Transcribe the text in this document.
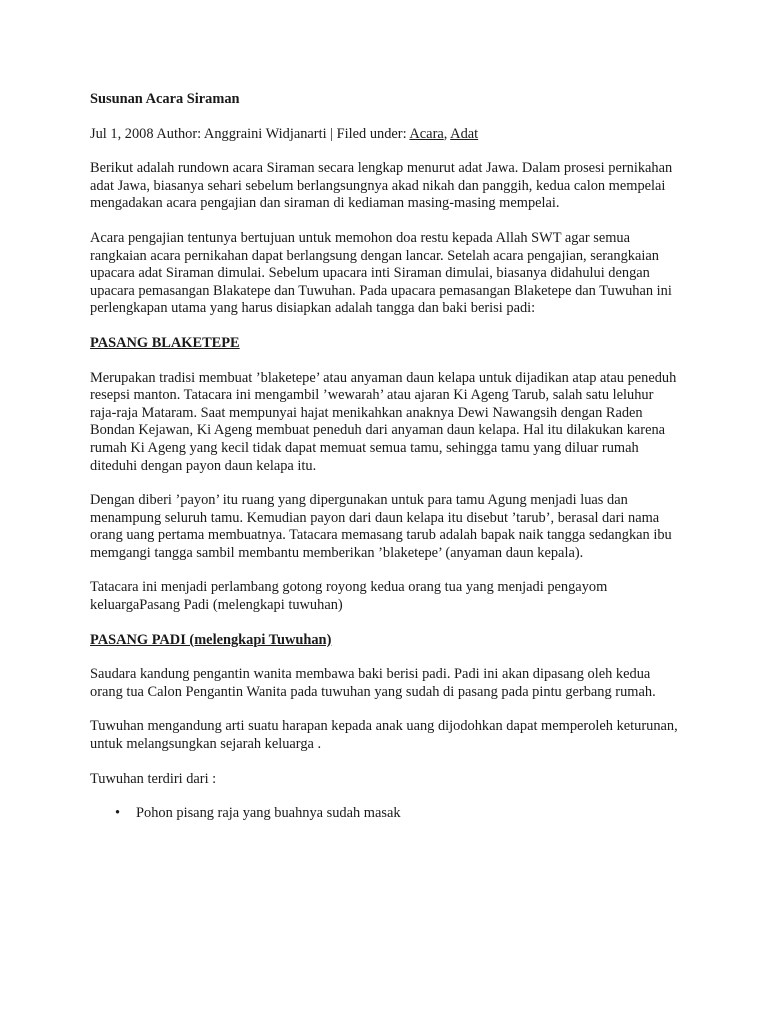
Susunan Acara Siraman
Jul 1, 2008 Author: Anggraini Widjanarti | Filed under: Acara, Adat

Berikut adalah rundown acara Siraman secara lengkap menurut adat Jawa. Dalam prosesi pernikahan adat Jawa, biasanya sehari sebelum berlangsungnya akad nikah dan panggih, kedua calon mempelai mengadakan acara pengajian dan siraman di kediaman masing-masing mempelai.

Acara pengajian tentunya bertujuan untuk memohon doa restu kepada Allah SWT agar semua rangkaian acara pernikahan dapat berlangsung dengan lancar. Setelah acara pengajian, serangkaian upacara adat Siraman dimulai. Sebelum upacara inti Siraman dimulai, biasanya didahului dengan upacara pemasangan Blakatepe dan Tuwuhan. Pada upacara pemasangan Blaketepe dan Tuwuhan ini perlengkapan utama yang harus disiapkan adalah tangga dan baki berisi padi:

PASANG BLAKETEPE

Merupakan tradisi membuat ’blaketepe’ atau anyaman daun kelapa untuk dijadikan atap atau peneduh resepsi manton. Tatacara ini mengambil ’wewarah’ atau ajaran Ki Ageng Tarub, salah satu leluhur raja-raja Mataram. Saat mempunyai hajat menikahkan anaknya Dewi Nawangsih dengan Raden Bondan Kejawan, Ki Ageng membuat peneduh dari anyaman daun kelapa. Hal itu dilakukan karena rumah Ki Ageng yang kecil tidak dapat memuat semua tamu, sehingga tamu yang diluar rumah diteduhi dengan payon daun kelapa itu.

Dengan diberi ’payon’ itu ruang yang dipergunakan untuk para tamu Agung menjadi luas dan menampung seluruh tamu. Kemudian payon dari daun kelapa itu disebut ’tarub’, berasal dari nama orang uang pertama membuatnya. Tatacara memasang tarub adalah bapak naik tangga sedangkan ibu memgangi tangga sambil membantu memberikan ’blaketepe’ (anyaman daun kepala).

Tatacara ini menjadi perlambang gotong royong kedua orang tua yang menjadi pengayom keluargaPasang Padi (melengkapi tuwuhan)

PASANG PADI (melengkapi Tuwuhan)

Saudara kandung pengantin wanita membawa baki berisi padi. Padi ini akan dipasang oleh kedua orang tua Calon Pengantin Wanita pada tuwuhan yang sudah di pasang pada pintu gerbang rumah.

Tuwuhan mengandung arti suatu harapan kepada anak uang dijodohkan dapat memperoleh keturunan, untuk melangsungkan sejarah keluarga .

Tuwuhan terdiri dari :

• Pohon pisang raja yang buahnya sudah masak
